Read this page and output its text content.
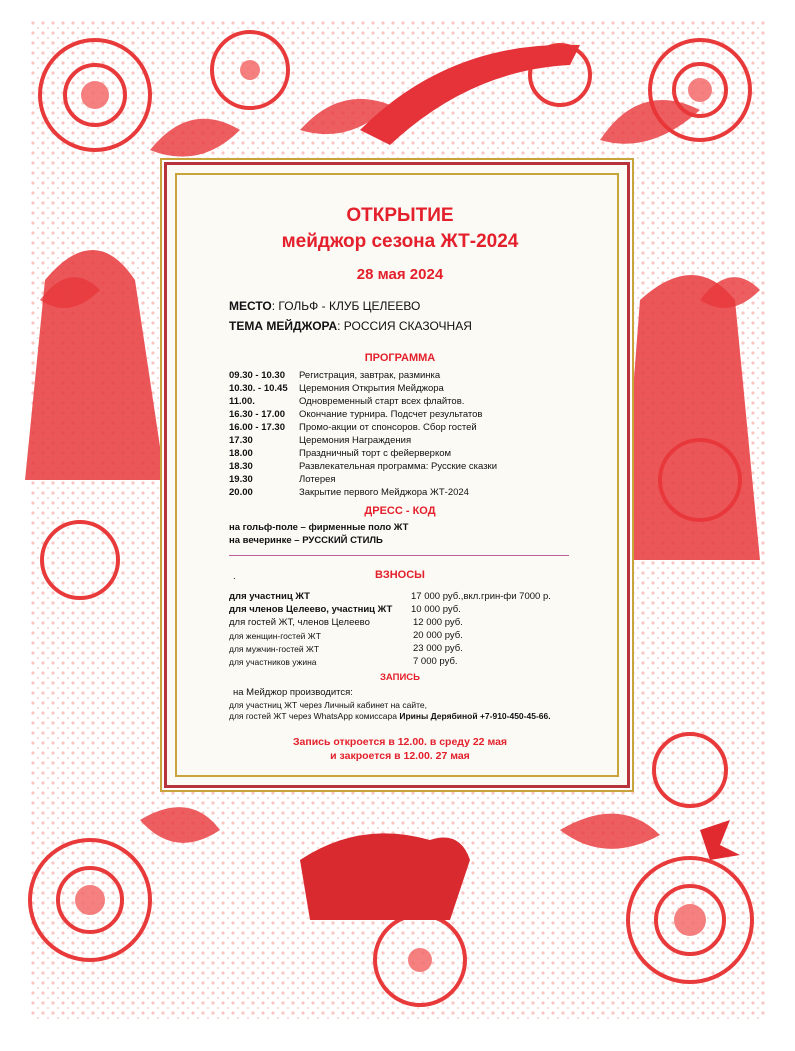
ОТКРЫТИЕ
мейджор сезона ЖТ-2024
28 мая 2024
МЕСТО: ГОЛЬФ - КЛУБ ЦЕЛЕЕВО
ТЕМА МЕЙДЖОРА: РОССИЯ СКАЗОЧНАЯ
ПРОГРАММА
09.30 - 10.30 Регистрация, завтрак, разминка
10.30. - 10.45 Церемония Открытия Мейджора
11.00.	Одновременный старт всех флайтов.
16.30 - 17.00 Окончание турнира. Подсчет результатов
16.00 - 17.30 Промо-акции от спонсоров. Сбор гостей
17.30	Церемония Награждения
18.00	Праздничный торт с фейерверком
18.30	Развлекательная программа: Русские сказки
19.30	Лотерея
20.00	Закрытие первого Мейджора ЖТ-2024
ДРЕСС - КОД
на гольф-поле – фирменные поло ЖТ
на вечеринке – РУССКИЙ СТИЛЬ
.	ВЗНОСЫ
для участниц ЖТ	17 000 руб.,вкл.грин-фи 7000 р.
для членов Целеево, участниц ЖТ 10 000 руб.
для гостей ЖТ, членов Целеево	12 000 руб.
для женщин-гостей ЖТ	20 000 руб.
для мужчин-гостей ЖТ	23 000 руб.
для участников ужина	7 000 руб.
ЗАПИСЬ
на Мейджор производится:
для участниц ЖТ через Личный кабинет на сайте,
для гостей ЖТ через WhatsApp комиссара Ирины Дерябиной +7-910-450-45-66.
Запись откроется в 12.00. в среду 22 мая
и закроется в 12.00. 27 мая
